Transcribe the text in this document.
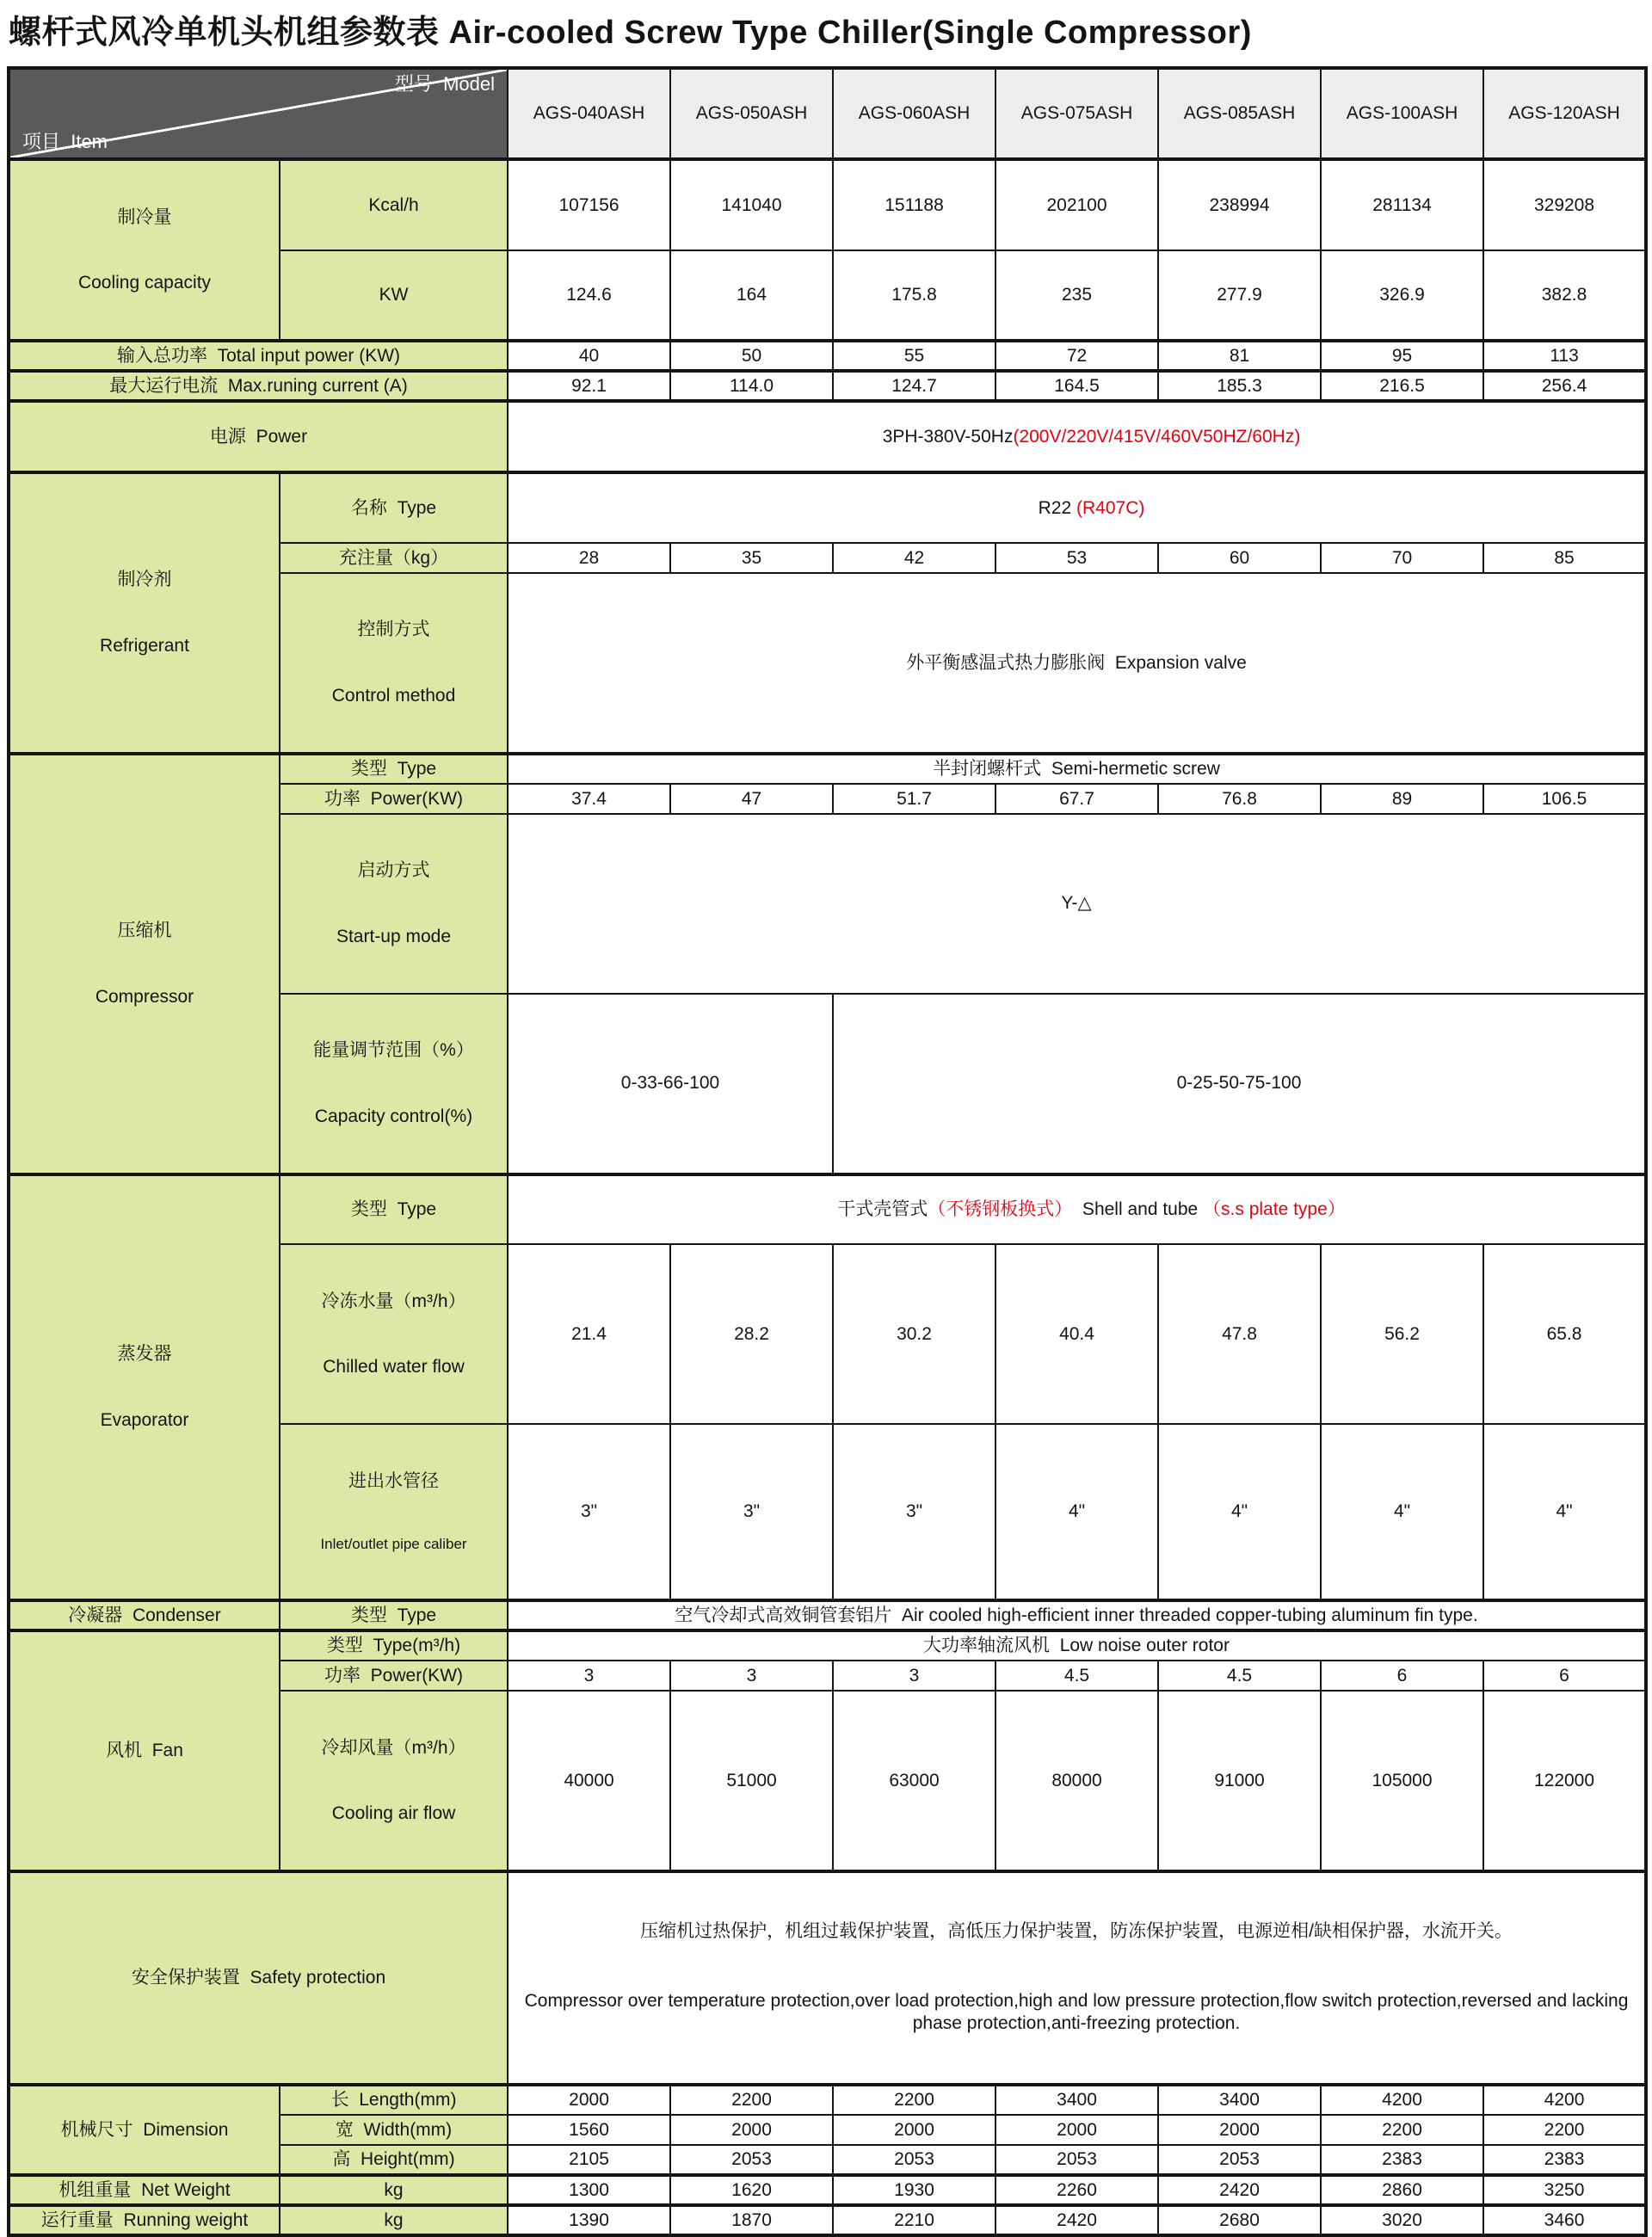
螺杆式风冷单机头机组参数表 Air-cooled Screw Type Chiller(Single Compressor)

型号  Model

项目  Item		AGS-040ASH	AGS-050ASH	AGS-060ASH	AGS-075ASH	AGS-085ASH	AGS-100ASH	AGS-120ASH

制冷量

Cooling capacity	Kcal/h	107156	141040	151188	202100	238994	281134	329208
	KW	124.6	164	175.8	235	277.9	326.9	382.8
输入总功率  Total input power (KW)		40	50	55	72	81	95	113
最大运行电流  Max.runing current (A)		92.1	114.0	124.7	164.5	185.3	216.5	256.4
电源  Power		3PH-380V-50Hz(200V/220V/415V/460V50HZ/60Hz)						

制冷剂

Refrigerant	名称  Type	R22 (R407C)						

	充注量（kg）	28	35	42	53	60	70	85

	控制方式

Control method	外平衡感温式热力膨胀阀  Expansion valve						

压缩机

Compressor	类型  Type	半封闭螺杆式  Semi-hermetic screw						
	功率  Power(KW)	37.4	47	51.7	67.7	76.8	89	106.5

	启动方式

Start-up mode	Y-△						

	能量调节范围（%）

Capacity control(%)	0-33-66-100		0-25-50-75-100				

蒸发器

Evaporator	类型  Type	干式壳管式（不锈钢板换式）  Shell and tube （s.s plate type）						

	冷冻水量（m³/h）

Chilled water flow	21.4	28.2	30.2	40.4	47.8	56.2	65.8

	进出水管径

Inlet/outlet pipe caliber	3"	3"	3"	4"	4"	4"	4"
冷凝器  Condenser	类型  Type	空气冷却式高效铜管套铝片  Air cooled high-efficient inner threaded copper-tubing aluminum fin type.						
风机  Fan	类型  Type(m³/h)	大功率轴流风机  Low noise outer rotor						
	功率  Power(KW)	3	3	3	4.5	4.5	6	6

	冷却风量（m³/h）

Cooling air flow	40000	51000	63000	80000	91000	105000	122000
安全保护装置  Safety protection		压缩机过热保护，机组过载保护装置，高低压力保护装置，防冻保护装置，电源逆相/缺相保护器，水流开关。

Compressor over temperature protection,over load protection,high and low pressure protection,flow switch protection,reversed and lacking phase protection,anti-freezing protection.						

机械尺寸  Dimension	长  Length(mm)	2000	2200	2200	3400	3400	4200	4200
	宽  Width(mm)	1560	2000	2000	2000	2000	2200	2200
	高  Height(mm)	2105	2053	2053	2053	2053	2383	2383
机组重量  Net Weight	kg	1300	1620	1930	2260	2420	2860	3250
运行重量  Running weight	kg	1390	1870	2210	2420	2680	3020	3460
